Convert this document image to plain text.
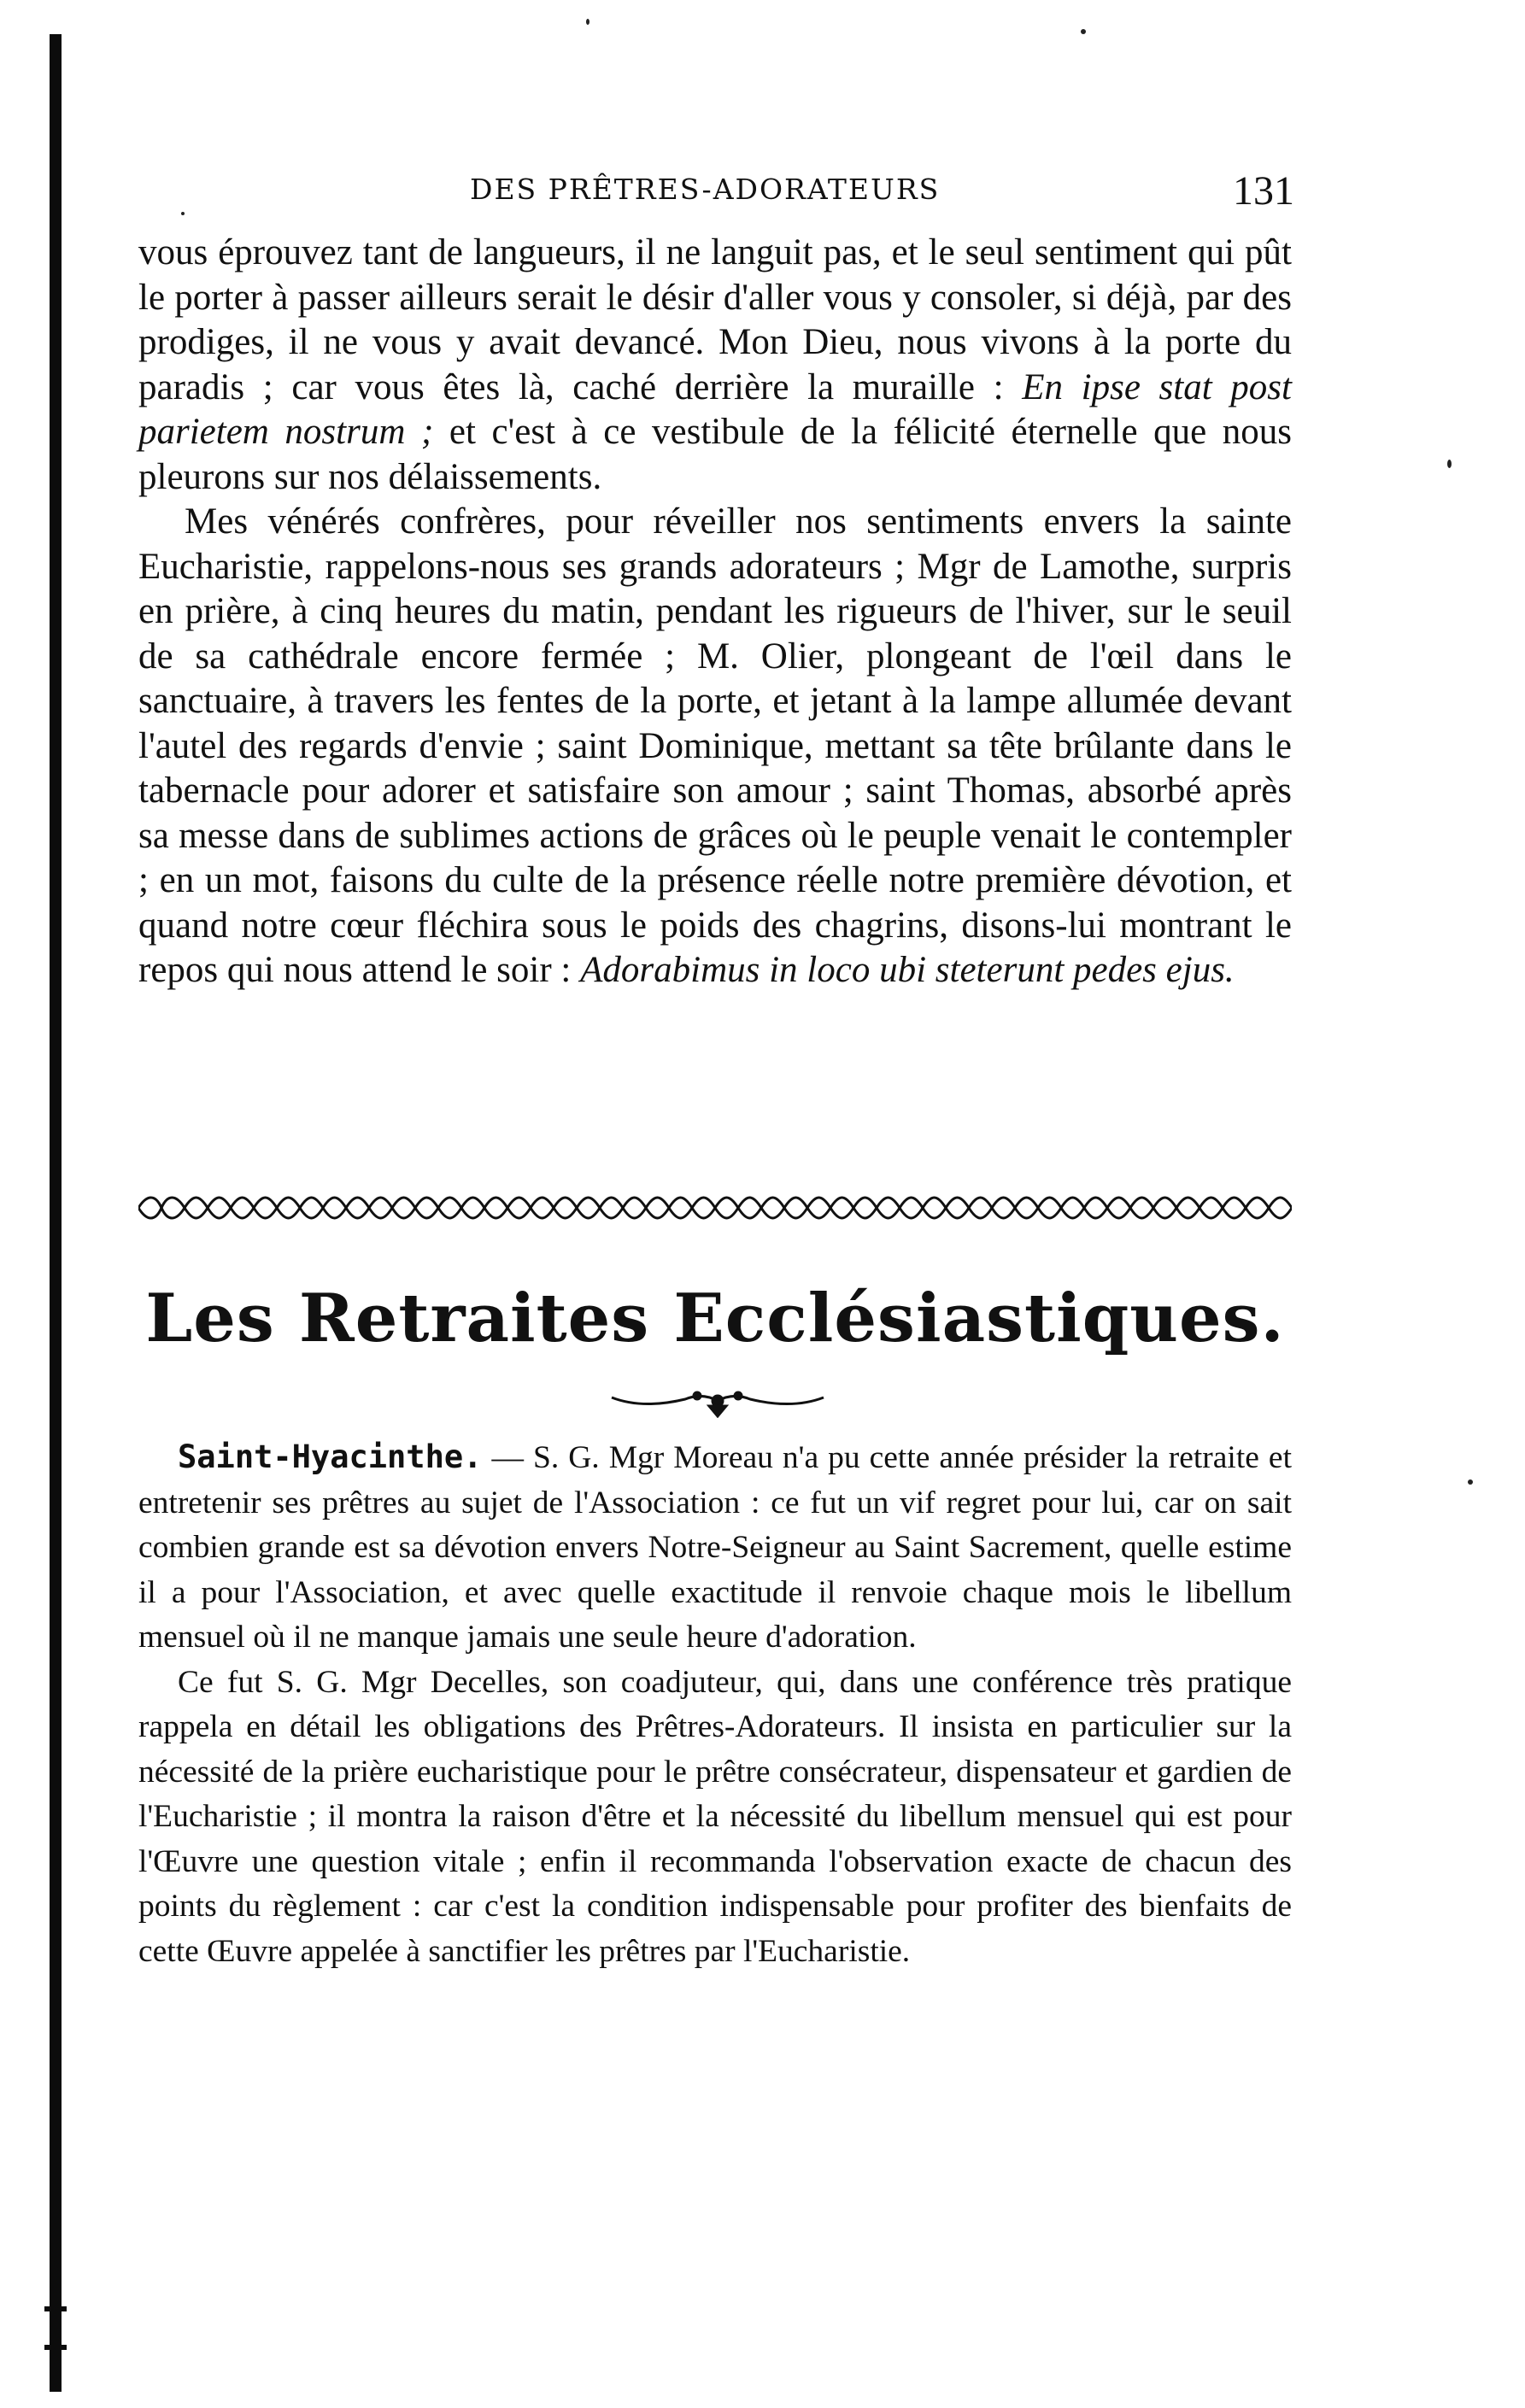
DES PRÊTRES-ADORATEURS	131

vous éprouvez tant de langueurs, il ne languit pas, et le seul sentiment qui pût le porter à passer ailleurs serait le désir d'aller vous y consoler, si déjà, par des prodiges, il ne vous y avait devancé. Mon Dieu, nous vivons à la porte du paradis ; car vous êtes là, caché derrière la muraille : En ipse stat post parietem nostrum ; et c'est à ce vestibule de la félicité éternelle que nous pleurons sur nos délaissements.

Mes vénérés confrères, pour réveiller nos sentiments envers la sainte Eucharistie, rappelons-nous ses grands adorateurs ; Mgr de Lamothe, surpris en prière, à cinq heures du matin, pendant les rigueurs de l'hiver, sur le seuil de sa cathédrale encore fermée ; M. Olier, plongeant de l'œil dans le sanctuaire, à travers les fentes de la porte, et jetant à la lampe allumée devant l'autel des regards d'envie ; saint Dominique, mettant sa tête brûlante dans le tabernacle pour adorer et satisfaire son amour ; saint Thomas, absorbé après sa messe dans de sublimes actions de grâces où le peuple venait le contempler ; en un mot, faisons du culte de la présence réelle notre première dévotion, et quand notre cœur fléchira sous le poids des chagrins, disons-lui montrant le repos qui nous attend le soir : Adorabimus in loco ubi steterunt pedes ejus.

Les Retraites Ecclésiastiques.

Saint-Hyacinthe. — S. G. Mgr Moreau n'a pu cette année présider la retraite et entretenir ses prêtres au sujet de l'Association : ce fut un vif regret pour lui, car on sait combien grande est sa dévotion envers Notre-Seigneur au Saint Sacrement, quelle estime il a pour l'Association, et avec quelle exactitude il renvoie chaque mois le libellum mensuel où il ne manque jamais une seule heure d'adoration.

Ce fut S. G. Mgr Decelles, son coadjuteur, qui, dans une conférence très pratique rappela en détail les obligations des Prêtres-Adorateurs. Il insista en particulier sur la nécessité de la prière eucharistique pour le prêtre consécrateur, dispensateur et gardien de l'Eucharistie ; il montra la raison d'être et la nécessité du libellum mensuel qui est pour l'Œuvre une question vitale ; enfin il recommanda l'observation exacte de chacun des points du règlement : car c'est la condition indispensable pour profiter des bienfaits de cette Œuvre appelée à sanctifier les prêtres par l'Eucharistie.
